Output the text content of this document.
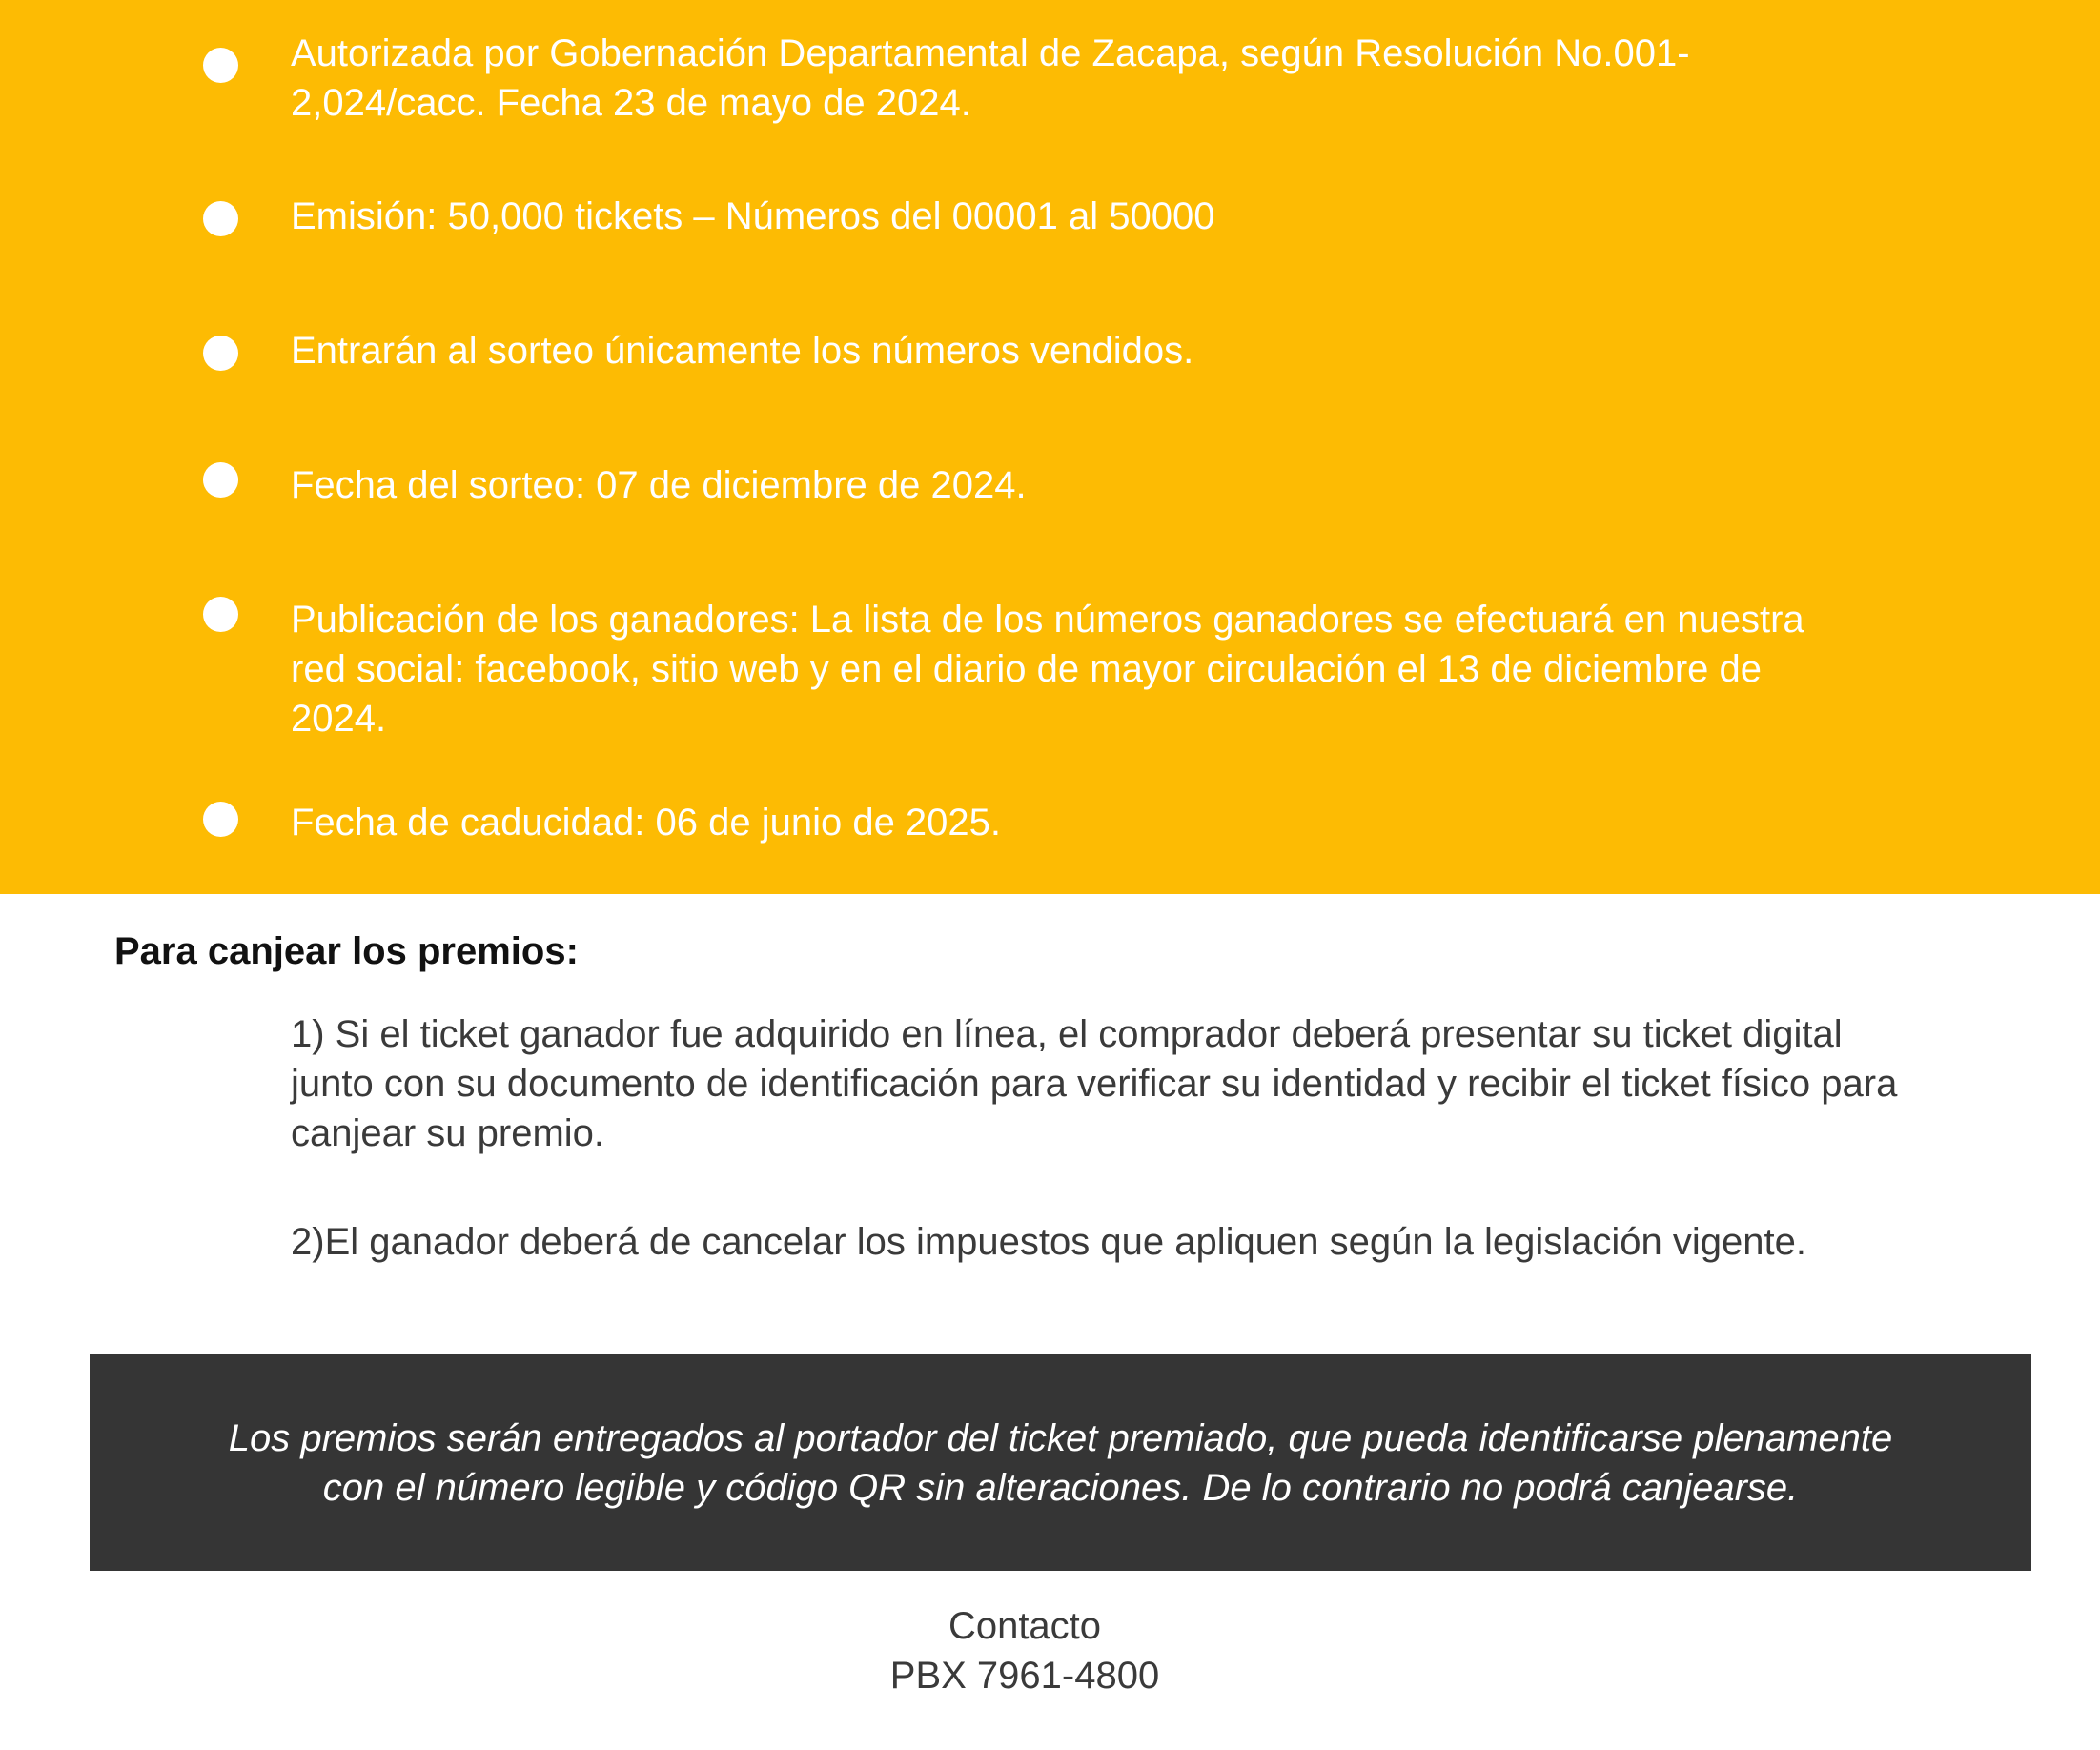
Autorizada por Gobernación Departamental de Zacapa, según Resolución No.001-2,024/cacc. Fecha 23 de mayo de 2024.

Emisión: 50,000 tickets – Números del 00001 al 50000

Entrarán al sorteo únicamente los números vendidos.

Fecha del sorteo: 07 de diciembre de 2024.

Publicación de los ganadores: La lista de los números ganadores se efectuará en nuestra red social: facebook, sitio web y en el diario de mayor circulación el 13 de diciembre de 2024.

Fecha de caducidad: 06 de junio de 2025.

Para canjear los premios:

1) Si el ticket ganador fue adquirido en línea, el comprador deberá presentar su ticket digital junto con su documento de identificación para verificar su identidad y recibir el ticket físico para canjear su premio.

2)El ganador deberá de cancelar los impuestos que apliquen según la legislación vigente.

Los premios serán entregados al portador del ticket premiado, que pueda identificarse plenamente con el número legible y código QR sin alteraciones. De lo contrario no podrá canjearse.

Contacto
PBX 7961-4800
